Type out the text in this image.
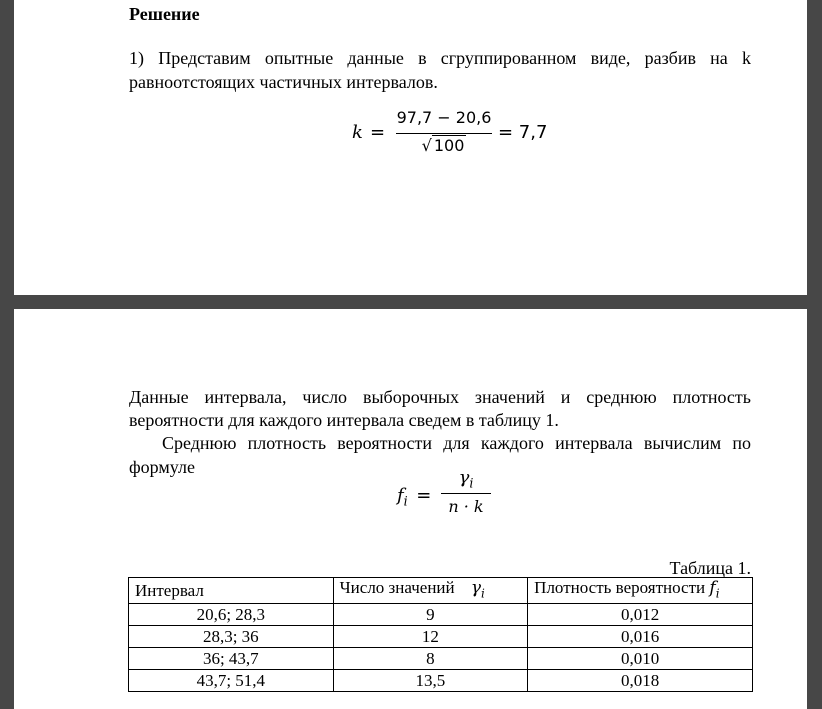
Решение
1) Представим опытные данные в сгруппированном виде, разбив на k
равноотстоящих частичных интервалов.
k =
97,7 − 20,6
√ 100
= 7,7
Данные интервала, число выборочных значений и среднюю плотность
вероятности для каждого интервала сведем в таблицу 1.
Среднюю плотность вероятности для каждого интервала вычислим по
формуле
$f_i$ =
$\gamma_i$
n · k
Таблица 1.
Интервал	Число значений $\gamma_i$	Плотность вероятности $f_i$
20,6; 28,3	9	0,012
28,3; 36	12	0,016
36; 43,7	8	0,010
43,7; 51,4	13,5	0,018
